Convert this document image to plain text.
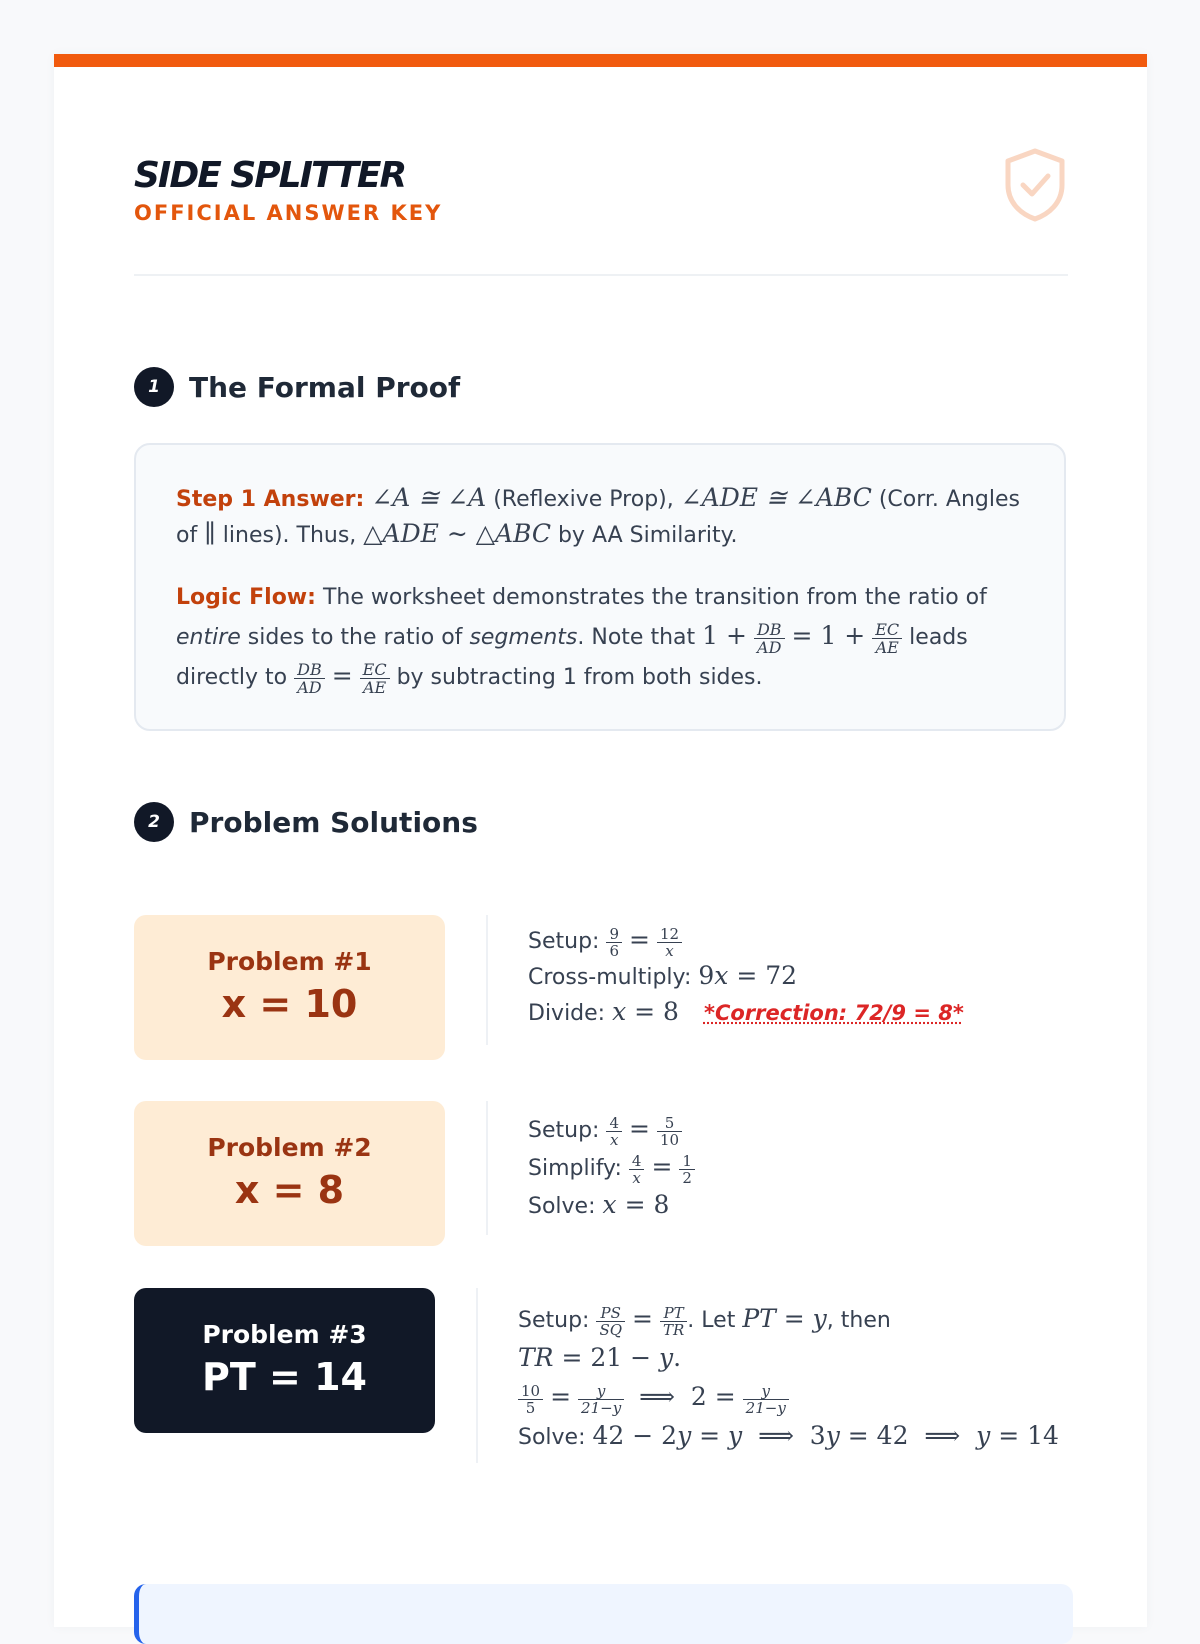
SIDE SPLITTER
OFFICIAL ANSWER KEY
1	The Formal Proof

Step 1 Answer: ∠A ≅ ∠A (Reflexive Prop), ∠ADE ≅ ∠ABC (Corr. Angles of ∥ lines). Thus, △ADE ∼ △ABC by AA Similarity.

Logic Flow: The worksheet demonstrates the transition from the ratio of entire sides to the ratio of segments. Note that $1 + \frac{DB}{AD} = 1 + \frac{EC}{AE}$ leads directly to $\frac{DB}{AD} = \frac{EC}{AE}$ by subtracting 1 from both sides.

2	Problem Solutions
Problem #1
x = 10
Setup: $\frac{9}{6} = \frac{12}{x}$
Cross-multiply: 9x = 72
Divide: x = 8 *Correction: 72/9 = 8*
Problem #2
x = 8
Setup: $\frac{4}{x} = \frac{5}{10}$
Simplify: $\frac{4}{x} = \frac{1}{2}$
Solve: x = 8
Problem #3
PT = 14
Setup: $\frac{PS}{SQ} = \frac{PT}{TR}$ . Let PT = y, then
TR = 21 − y.
$\frac{10}{5} = \frac{y}{21-y}$ ⟹  $2 = \frac{y}{21-y}$
Solve: 42 − 2y = y  ⟹  3y = 42  ⟹  y = 14
